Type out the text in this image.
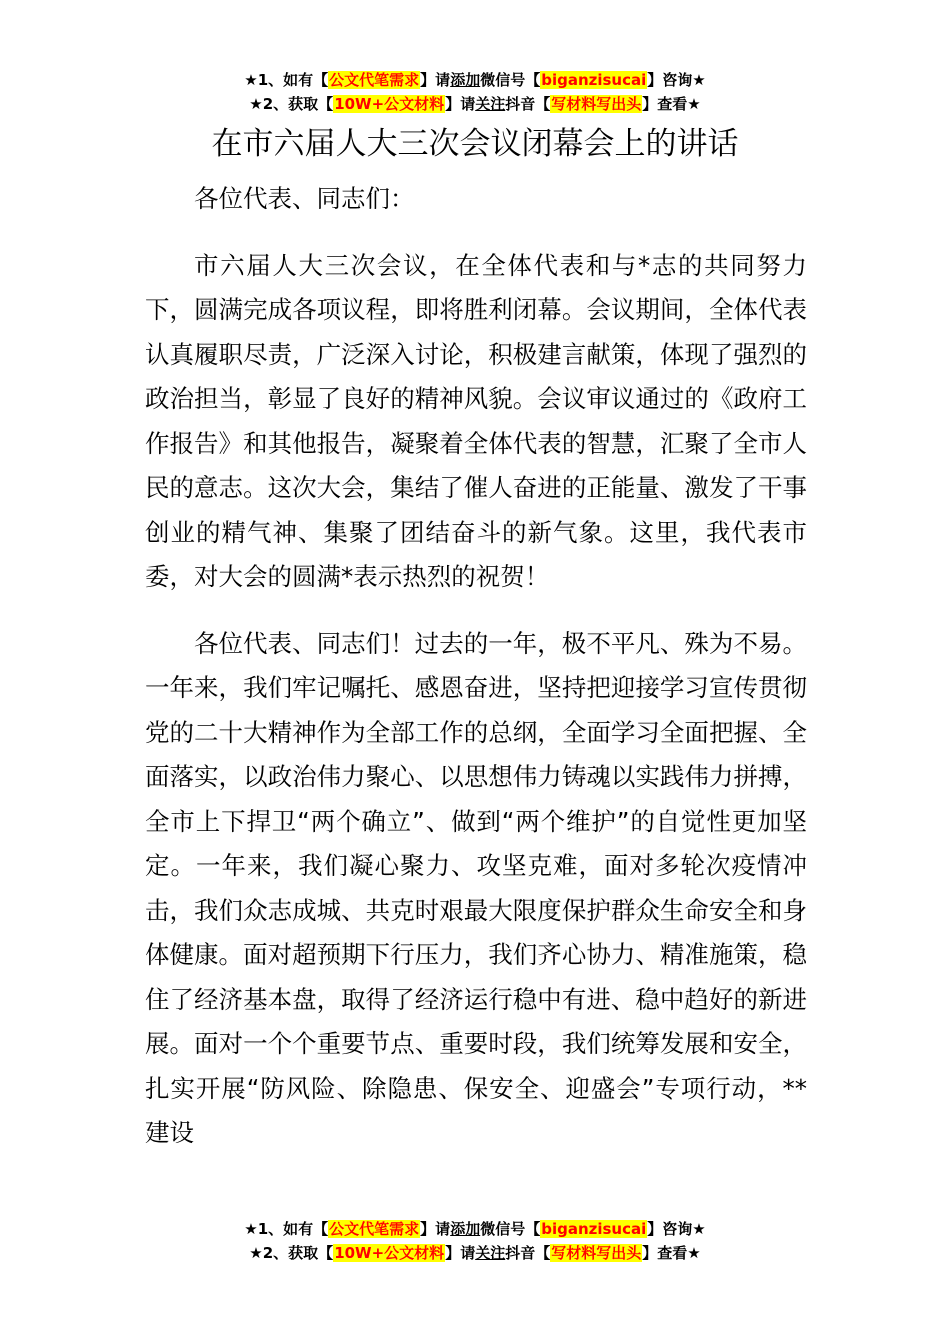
★1、如有【公文代笔需求】请添加微信号【biganzisucai】咨询★
★2、获取【10W+公文材料】请关注抖音【写材料写出头】查看★
在市六届人大三次会议闭幕会上的讲话

各位代表、同志们：

市六届人大三次会议，在全体代表和与*志的共同努力下，圆满完成各项议程，即将胜利闭幕。会议期间，全体代表认真履职尽责，广泛深入讨论，积极建言献策，体现了强烈的政治担当，彰显了良好的精神风貌。会议审议通过的《政府工作报告》和其他报告，凝聚着全体代表的智慧，汇聚了全市人民的意志。这次大会，集结了催人奋进的正能量、激发了干事创业的精气神、集聚了团结奋斗的新气象。这里，我代表市委，对大会的圆满*表示热烈的祝贺！

各位代表、同志们！过去的一年，极不平凡、殊为不易。一年来，我们牢记嘱托、感恩奋进，坚持把迎接学习宣传贯彻党的二十大精神作为全部工作的总纲，全面学习全面把握、全面落实，以政治伟力聚心、以思想伟力铸魂以实践伟力拼搏，全市上下捍卫“两个确立”、做到“两个维护”的自觉性更加坚定。一年来，我们凝心聚力、攻坚克难，面对多轮次疫情冲击，我们众志成城、共克时艰最大限度保护群众生命安全和身体健康。面对超预期下行压力，我们齐心协力、精准施策，稳住了经济基本盘，取得了经济运行稳中有进、稳中趋好的新进展。面对一个个重要节点、重要时段，我们统筹发展和安全，扎实开展“防风险、除隐患、保安全、迎盛会”专项行动，**建设

★1、如有【公文代笔需求】请添加微信号【biganzisucai】咨询★
★2、获取【10W+公文材料】请关注抖音【写材料写出头】查看★
